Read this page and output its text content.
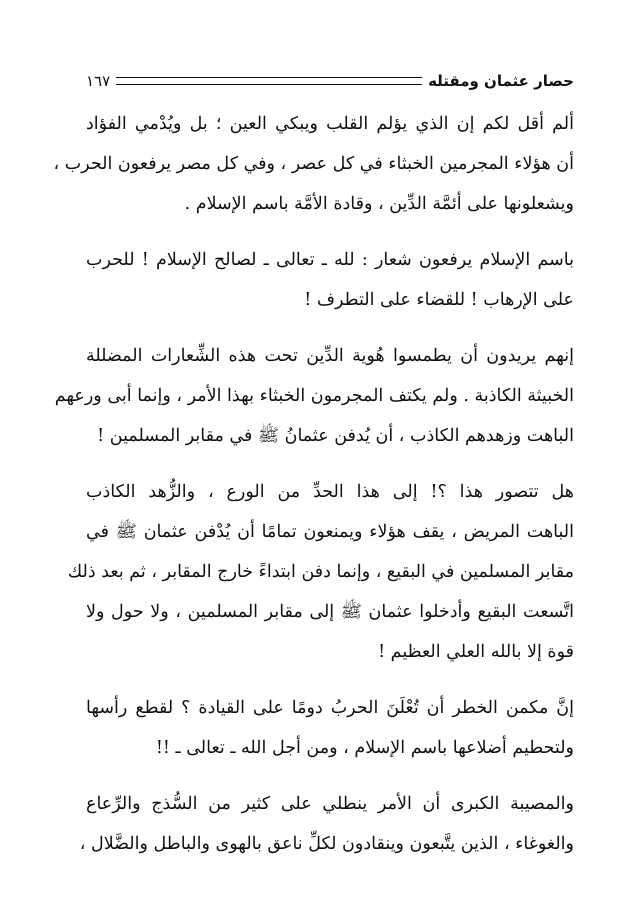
حصار عثمان ومقتله
١٦٧
ألم أقل لكم إن الذي يؤلم القلب ويبكي العين ؛ بل ويُدْمي الفؤاد
أن هؤلاء المجرمين الخبثاء في كل عصر ، وفي كل مصر يرفعون الحرب ،
ويشعلونها على أئمَّة الدِّين ، وقادة الأمَّة باسم الإسلام .
باسم الإسلام يرفعون شعار : لله ـ تعالى ـ لصالح الإسلام ! للحرب
على الإرهاب ! للقضاء على التطرف !
إنهم يريدون أن يطمسوا هُوية الدِّين تحت هذه الشِّعارات المضللة
الخبيثة الكاذبة . ولم يكتف المجرمون الخبثاء بهذا الأمر ، وإنما أبى ورعهم
الباهت وزهدهم الكاذب ، أن يُدفن عثمانُ ﷺ في مقابر المسلمين !
هل تتصور هذا ؟! إلى هذا الحدِّ من الورع ، والزُّهد الكاذب
الباهت المريض ، يقف هؤلاء ويمنعون تمامًا أن يُدْفن عثمان ﷺ في
مقابر المسلمين في البقيع ، وإنما دفن ابتداءً خارج المقابر ، ثم بعد ذلك
اتَّسعت البقيع وأدخلوا عثمان ﷺ إلى مقابر المسلمين ، ولا حول ولا
قوة إلا بالله العلي العظيم !
إنَّ مكمن الخطر أن تُعْلَنَ الحربُ دومًا على القيادة ؟ لقطع رأسها
ولتحطيم أضلاعها باسم الإسلام ، ومن أجل الله ـ تعالى ـ !!
والمصيبة الكبرى أن الأمر ينطلي على كثير من السُّذج والرِّعاع
والغوغاء ، الذين يتَّبعون وينقادون لكلِّ ناعق بالهوى والباطل والضَّلال ،
